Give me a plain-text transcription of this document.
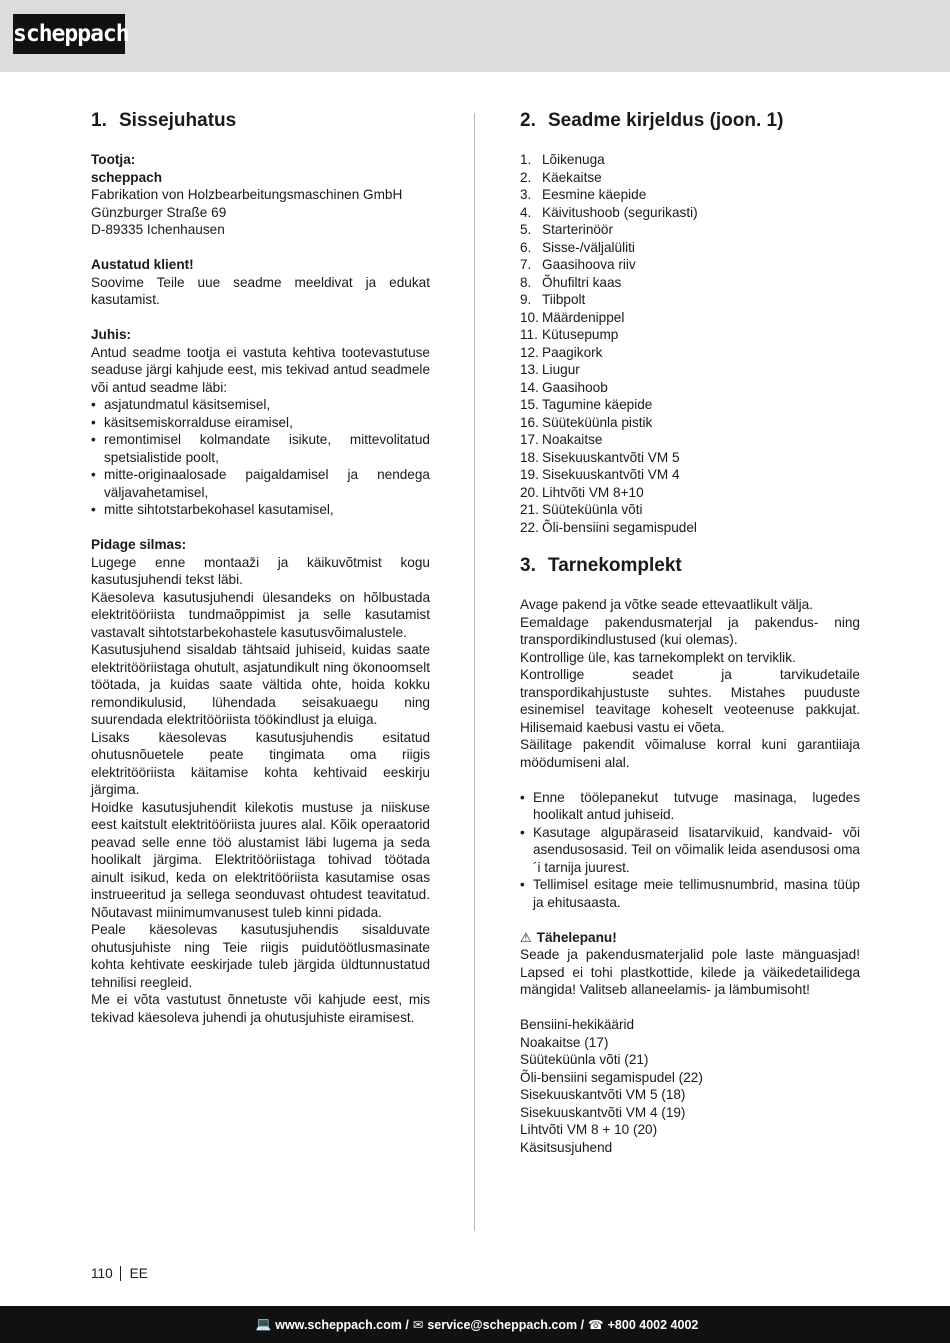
scheppach
1. Sissejuhatus
Tootja:
scheppach
Fabrikation von Holzbearbeitungsmaschinen GmbH
Günzburger Straße 69
D-89335 Ichenhausen
Austatud klient!

Soovime Teile uue seadme meeldivat ja edukat kasutamist.

Juhis:

Antud seadme tootja ei vastuta kehtiva tootevastutuse seaduse järgi kahjude eest, mis tekivad antud seadmele või antud seadme läbi:

• asjatundmatul käsitsemisel,
• käsitsemiskorralduse eiramisel,
• remontimisel kolmandate isikute, mittevolitatud spetsialistide poolt,
• mitte-originaalosade paigaldamisel ja nendega väljavahetamisel,
• mitte sihtotstarbekohasel kasutamisel,
Pidage silmas:

Lugege enne montaaži ja käikuvõtmist kogu kasutusjuhendi tekst läbi.

Käesoleva kasutusjuhendi ülesandeks on hõlbustada elektritööriista tundmaõppimist ja selle kasutamist vastavalt sihtotstarbekohastele kasutusvõimalustele.

Kasutusjuhend sisaldab tähtsaid juhiseid, kuidas saate elektritööriistaga ohutult, asjatundikult ning ökonoomselt töötada, ja kuidas saate vältida ohte, hoida kokku remondikulusid, lühendada seisakuaegu ning suurendada elektritööriista töökindlust ja eluiga.

Lisaks käesolevas kasutusjuhendis esitatud ohutusnõuetele peate tingimata oma riigis elektritööriista käitamise kohta kehtivaid eeskirju järgima.

Hoidke kasutusjuhendit kilekotis mustuse ja niiskuse eest kaitstult elektritööriista juures alal. Kõik operaatorid peavad selle enne töö alustamist läbi lugema ja seda hoolikalt järgima. Elektritööriistaga tohivad töötada ainult isikud, keda on elektritööriista kasutamise osas instrueeritud ja sellega seonduvast ohtudest teavitatud. Nõutavast miinimumvanusest tuleb kinni pidada.

Peale käesolevas kasutusjuhendis sisalduvate ohutusjuhiste ning Teie riigis puidutöötlusmasinate kohta kehtivate eeskirjade tuleb järgida üldtunnustatud tehnilisi reegleid.

Me ei võta vastutust õnnetuste või kahjude eest, mis tekivad käesoleva juhendi ja ohutusjuhiste eiramisest.

2. Seadme kirjeldus (joon. 1)
1. Lõikenuga
2. Käekaitse
3. Eesmine käepide
4. Käivitushoob (segurikasti)
5. Starterinöör
6. Sisse-/väljalüliti
7. Gaasihoova riiv
8. Õhufiltri kaas
9. Tiibpolt
10. Määrdenippel
11. Kütusepump
12. Paagikork
13. Liugur
14. Gaasihoob
15. Tagumine käepide
16. Süüteküünla pistik
17. Noakaitse
18. Sisekuuskantvõti VM 5
19. Sisekuuskantvõti VM 4
20. Lihtvõti VM 8+10
21. Süüteküünla võti
22. Õli-bensiini segamispudel
3. Tarnekomplekt

Avage pakend ja võtke seade ettevaatlikult välja.

Eemaldage pakendusmaterjal ja pakendus- ning transpordikindlustused (kui olemas).

Kontrollige üle, kas tarnekomplekt on terviklik.

Kontrollige seadet ja tarvikudetaile transpordikahjustuste suhtes. Mistahes puuduste esinemisel teavitage koheselt veoteenuse pakkujat. Hilisemaid kaebusi vastu ei võeta.

Säilitage pakendit võimaluse korral kuni garantiiaja möödumiseni alal.

• Enne töölepanekut tutvuge masinaga, lugedes hoolikalt antud juhiseid.
• Kasutage algupäraseid lisatarvikuid, kandvaid- või asendusosasid. Teil on võimalik leida asendusosi oma ´i tarnija juurest.
• Tellimisel esitage meie tellimusnumbrid, masina tüüp ja ehitusaasta.
⚠ Tähelepanu!

Seade ja pakendusmaterjalid pole laste mänguasjad! Lapsed ei tohi plastkottide, kilede ja väikedetailidega mängida! Valitseb allaneelamis- ja lämbumisoht!

Bensiini-hekikäärid
Noakaitse (17)
Süüteküünla võti (21)
Õli-bensiini segamispudel (22)
Sisekuuskantvõti VM 5 (18)
Sisekuuskantvõti VM 4 (19)
Lihtvõti VM 8 + 10 (20)
Käsitsusjuhend
110 EE
💻 www.scheppach.com / ✉ service@scheppach.com / ☎ +800 4002 4002
